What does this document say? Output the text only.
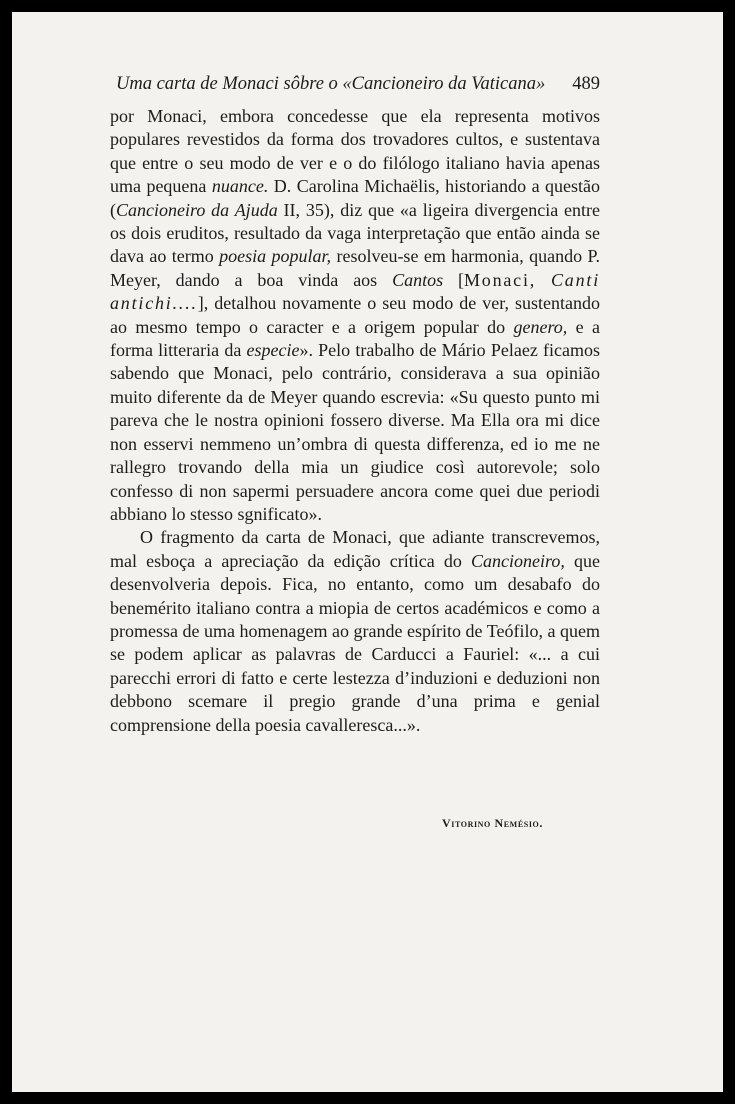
Uma carta de Monaci sôbre o «Cancioneiro da Vaticana» 489

por Monaci, embora concedesse que ela representa motivos populares revestidos da forma dos trovadores cultos, e sustentava que entre o seu modo de ver e o do filólogo italiano havia apenas uma pequena nuance. D. Carolina Michaëlis, historiando a questão (Cancioneiro da Ajuda II, 35), diz que «a ligeira divergencia entre os dois eruditos, resultado da vaga interpretação que então ainda se dava ao termo poesia popular, resolveu-se em harmonia, quando P. Meyer, dando a boa vinda aos Cantos [Monaci, Canti antichi....], detalhou novamente o seu modo de ver, sustentando ao mesmo tempo o caracter e a origem popular do genero, e a forma litteraria da especie». Pelo trabalho de Mário Pelaez ficamos sabendo que Monaci, pelo contrário, considerava a sua opinião muito diferente da de Meyer quando escrevia: «Su questo punto mi pareva che le nostra opinioni fossero diverse. Ma Ella ora mi dice non esservi nemmeno un’ombra di questa differenza, ed io me ne rallegro trovando della mia un giudice così autorevole; solo confesso di non sapermi persuadere ancora come quei due periodi abbiano lo stesso sgnificato».

O fragmento da carta de Monaci, que adiante transcrevemos, mal esboça a apreciação da edição crítica do Cancioneiro, que desenvolveria depois. Fica, no entanto, como um desabafo do benemérito italiano contra a miopia de certos académicos e como a promessa de uma homenagem ao grande espírito de Teófilo, a quem se podem aplicar as palavras de Carducci a Fauriel: «... a cui parecchi errori di fatto e certe lestezza d’induzioni e deduzioni non debbono scemare il pregio grande d’una prima e genial comprensione della poesia cavalleresca...».

Vitorino Nemésio.
